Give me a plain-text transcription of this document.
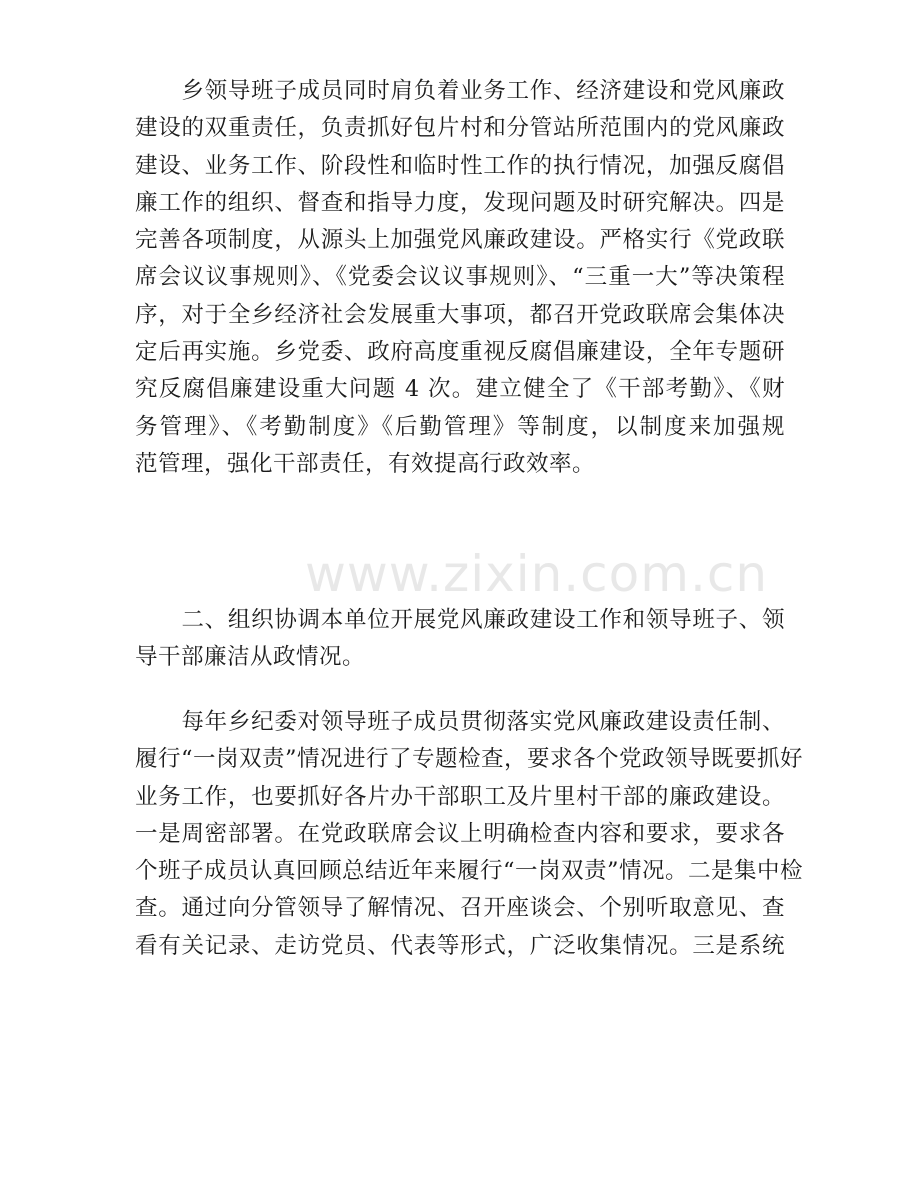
　　乡领导班子成员同时肩负着业务工作、经济建设和党风廉政
建设的双重责任，负责抓好包片村和分管站所范围内的党风廉政
建设、业务工作、阶段性和临时性工作的执行情况，加强反腐倡
廉工作的组织、督查和指导力度，发现问题及时研究解决。四是
完善各项制度，从源头上加强党风廉政建设。严格实行《党政联
席会议议事规则》、《党委会议议事规则》、“三重一大”等决策程
序，对于全乡经济社会发展重大事项，都召开党政联席会集体决
定后再实施。乡党委、政府高度重视反腐倡廉建设，全年专题研
究反腐倡廉建设重大问题 4 次。建立健全了《干部考勤》、《财
务管理》、《考勤制度》《后勤管理》等制度，以制度来加强规
范管理，强化干部责任，有效提高行政效率。

　　二、组织协调本单位开展党风廉政建设工作和领导班子、领
导干部廉洁从政情况。

　　每年乡纪委对领导班子成员贯彻落实党风廉政建设责任制、
履行“一岗双责”情况进行了专题检查，要求各个党政领导既要抓好
业务工作，也要抓好各片办干部职工及片里村干部的廉政建设。
一是周密部署。在党政联席会议上明确检查内容和要求，要求各
个班子成员认真回顾总结近年来履行“一岗双责”情况。二是集中检
查。通过向分管领导了解情况、召开座谈会、个别听取意见、查
看有关记录、走访党员、代表等形式，广泛收集情况。三是系统

www.zixin.com.cn
